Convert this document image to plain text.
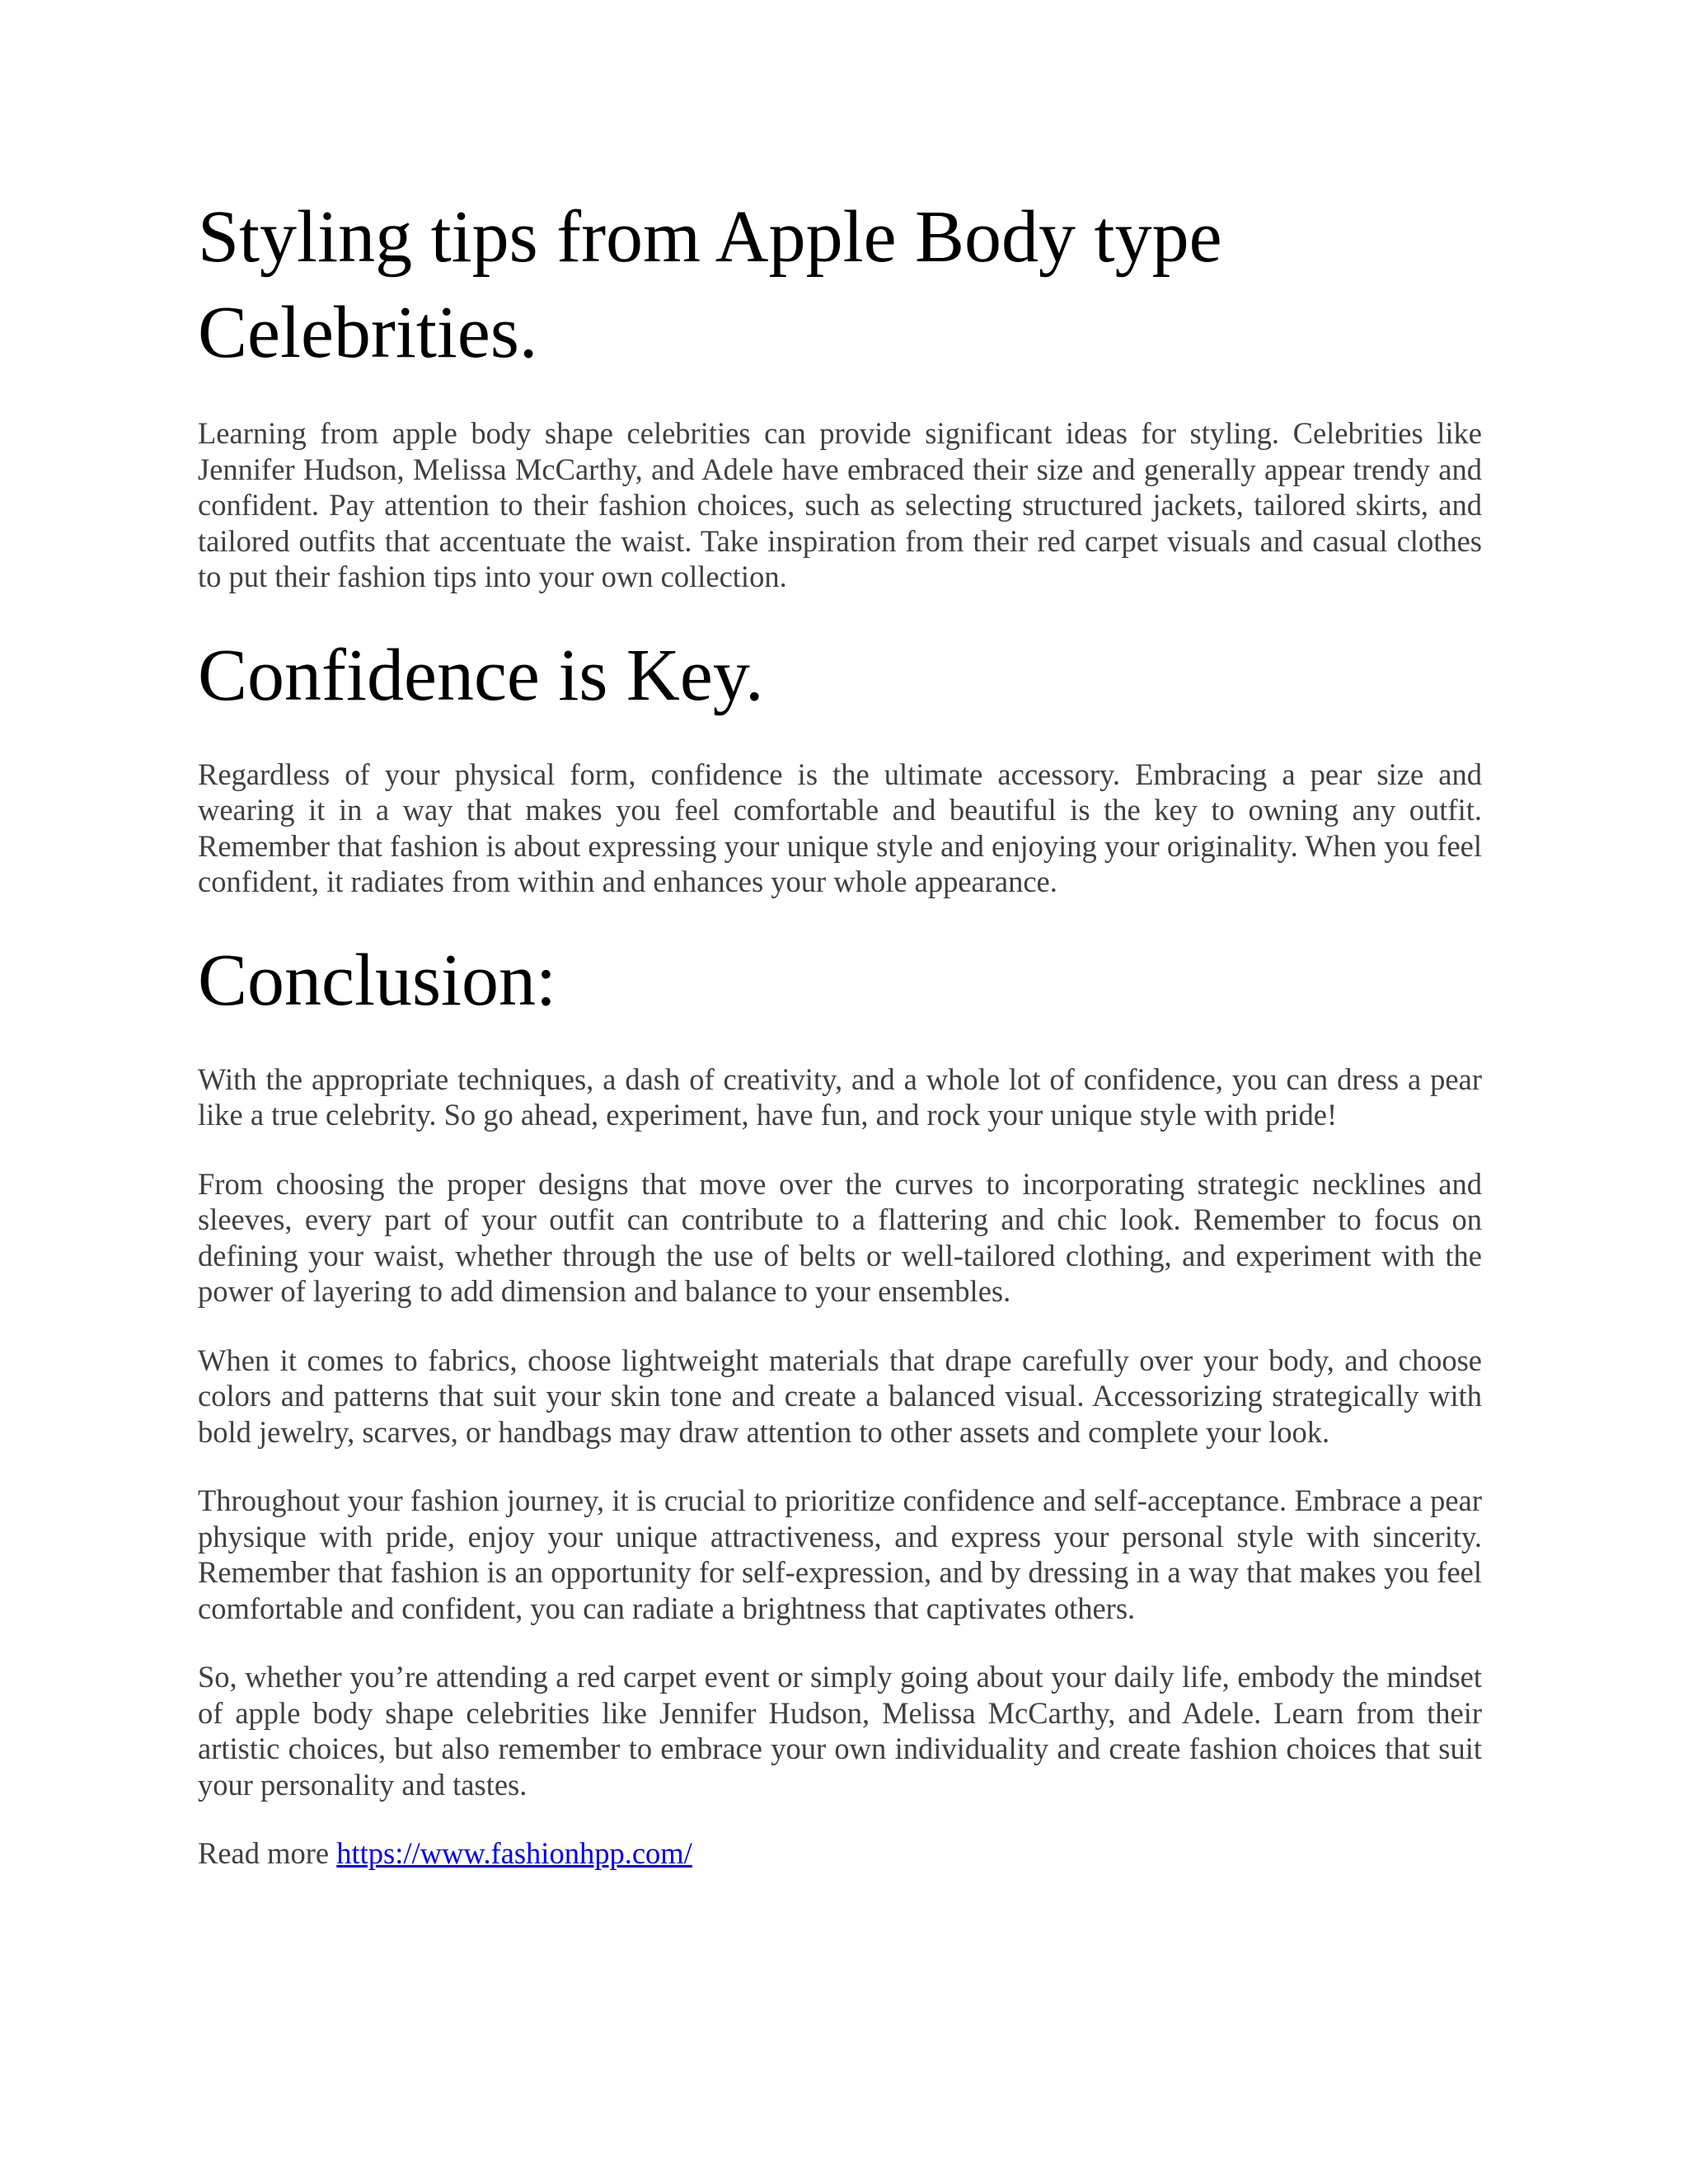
Styling tips from Apple Body type Celebrities.

Learning from apple body shape celebrities can provide significant ideas for styling. Celebrities like Jennifer Hudson, Melissa McCarthy, and Adele have embraced their size and generally appear trendy and confident. Pay attention to their fashion choices, such as selecting structured jackets, tailored skirts, and tailored outfits that accentuate the waist. Take inspiration from their red carpet visuals and casual clothes to put their fashion tips into your own collection.

Confidence is Key.

Regardless of your physical form, confidence is the ultimate accessory. Embracing a pear size and wearing it in a way that makes you feel comfortable and beautiful is the key to owning any outfit. Remember that fashion is about expressing your unique style and enjoying your originality. When you feel confident, it radiates from within and enhances your whole appearance.

Conclusion:

With the appropriate techniques, a dash of creativity, and a whole lot of confidence, you can dress a pear like a true celebrity. So go ahead, experiment, have fun, and rock your unique style with pride!

From choosing the proper designs that move over the curves to incorporating strategic necklines and sleeves, every part of your outfit can contribute to a flattering and chic look. Remember to focus on defining your waist, whether through the use of belts or well-tailored clothing, and experiment with the power of layering to add dimension and balance to your ensembles.

When it comes to fabrics, choose lightweight materials that drape carefully over your body, and choose colors and patterns that suit your skin tone and create a balanced visual. Accessorizing strategically with bold jewelry, scarves, or handbags may draw attention to other assets and complete your look.

Throughout your fashion journey, it is crucial to prioritize confidence and self-acceptance. Embrace a pear physique with pride, enjoy your unique attractiveness, and express your personal style with sincerity. Remember that fashion is an opportunity for self-expression, and by dressing in a way that makes you feel comfortable and confident, you can radiate a brightness that captivates others.

So, whether you’re attending a red carpet event or simply going about your daily life, embody the mindset of apple body shape celebrities like Jennifer Hudson, Melissa McCarthy, and Adele. Learn from their artistic choices, but also remember to embrace your own individuality and create fashion choices that suit your personality and tastes.

Read more https://www.fashionhpp.com/
